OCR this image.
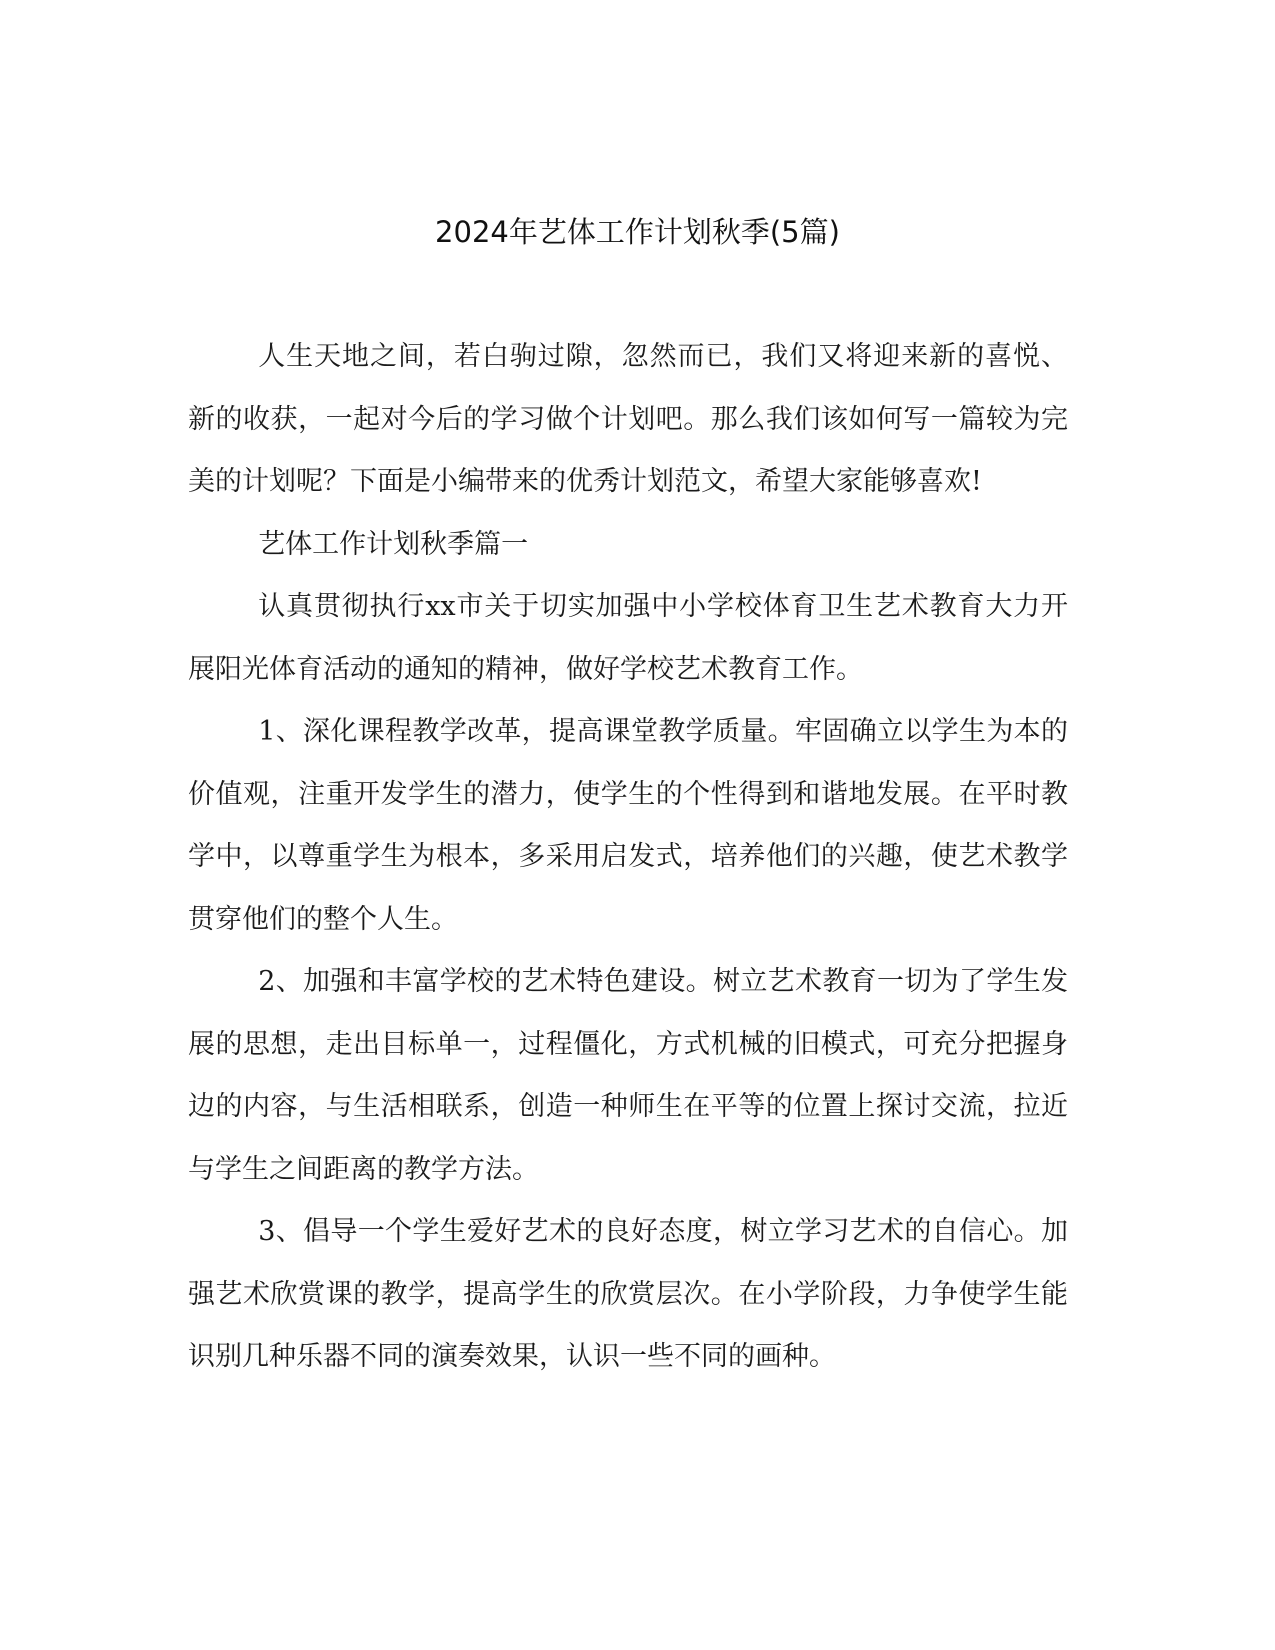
2024年艺体工作计划秋季(5篇)

人生天地之间，若白驹过隙，忽然而已，我们又将迎来新的喜悦、新的收获，一起对今后的学习做个计划吧。那么我们该如何写一篇较为完美的计划呢？下面是小编带来的优秀计划范文，希望大家能够喜欢!

艺体工作计划秋季篇一

认真贯彻执行xx市关于切实加强中小学校体育卫生艺术教育大力开展阳光体育活动的通知的精神，做好学校艺术教育工作。

1、深化课程教学改革，提高课堂教学质量。牢固确立以学生为本的价值观，注重开发学生的潜力，使学生的个性得到和谐地发展。在平时教学中，以尊重学生为根本，多采用启发式，培养他们的兴趣，使艺术教学贯穿他们的整个人生。

2、加强和丰富学校的艺术特色建设。树立艺术教育一切为了学生发展的思想，走出目标单一，过程僵化，方式机械的旧模式，可充分把握身边的内容，与生活相联系，创造一种师生在平等的位置上探讨交流，拉近与学生之间距离的教学方法。

3、倡导一个学生爱好艺术的良好态度，树立学习艺术的自信心。加强艺术欣赏课的教学，提高学生的欣赏层次。在小学阶段，力争使学生能识别几种乐器不同的演奏效果，认识一些不同的画种。
